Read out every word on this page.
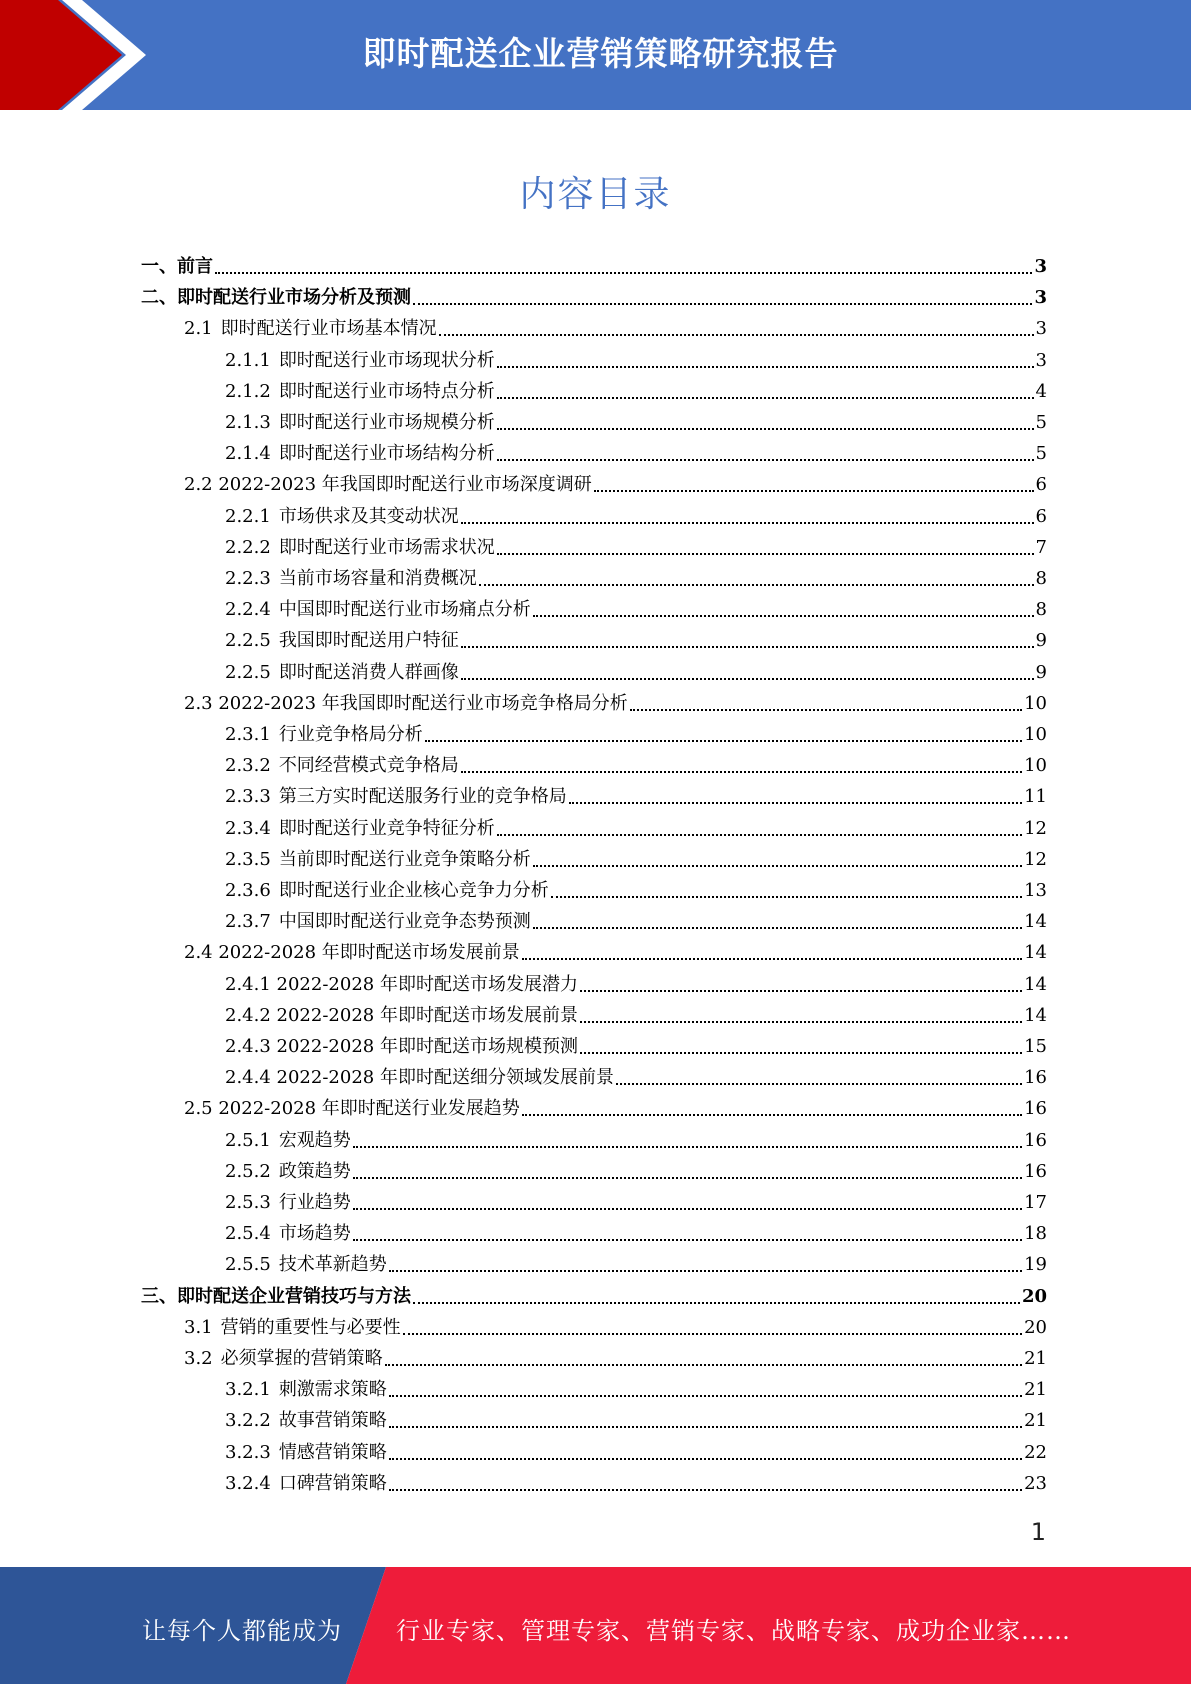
即时配送企业营销策略研究报告
内容目录
一、前言	3
二、即时配送行业市场分析及预测	3
2.1 即时配送行业市场基本情况	3
2.1.1 即时配送行业市场现状分析	3
2.1.2 即时配送行业市场特点分析	4
2.1.3 即时配送行业市场规模分析	5
2.1.4 即时配送行业市场结构分析	5
2.2 2022-2023 年我国即时配送行业市场深度调研	6
2.2.1 市场供求及其变动状况	6
2.2.2 即时配送行业市场需求状况	7
2.2.3 当前市场容量和消费概况	8
2.2.4 中国即时配送行业市场痛点分析	8
2.2.5 我国即时配送用户特征	9
2.2.5 即时配送消费人群画像	9
2.3 2022-2023 年我国即时配送行业市场竞争格局分析	10
2.3.1 行业竞争格局分析	10
2.3.2 不同经营模式竞争格局	10
2.3.3 第三方实时配送服务行业的竞争格局	11
2.3.4 即时配送行业竞争特征分析	12
2.3.5 当前即时配送行业竞争策略分析	12
2.3.6 即时配送行业企业核心竞争力分析	13
2.3.7 中国即时配送行业竞争态势预测	14
2.4 2022-2028 年即时配送市场发展前景	14
2.4.1 2022-2028 年即时配送市场发展潜力	14
2.4.2 2022-2028 年即时配送市场发展前景	14
2.4.3 2022-2028 年即时配送市场规模预测	15
2.4.4 2022-2028 年即时配送细分领域发展前景	16
2.5 2022-2028 年即时配送行业发展趋势	16
2.5.1 宏观趋势	16
2.5.2 政策趋势	16
2.5.3 行业趋势	17
2.5.4 市场趋势	18
2.5.5 技术革新趋势	19
三、即时配送企业营销技巧与方法	20
3.1 营销的重要性与必要性	20
3.2 必须掌握的营销策略	21
3.2.1 刺激需求策略	21
3.2.2 故事营销策略	21
3.2.3 情感营销策略	22
3.2.4 口碑营销策略	23
1
让每个人都能成为 行业专家、管理专家、营销专家、战略专家、成功企业家……
